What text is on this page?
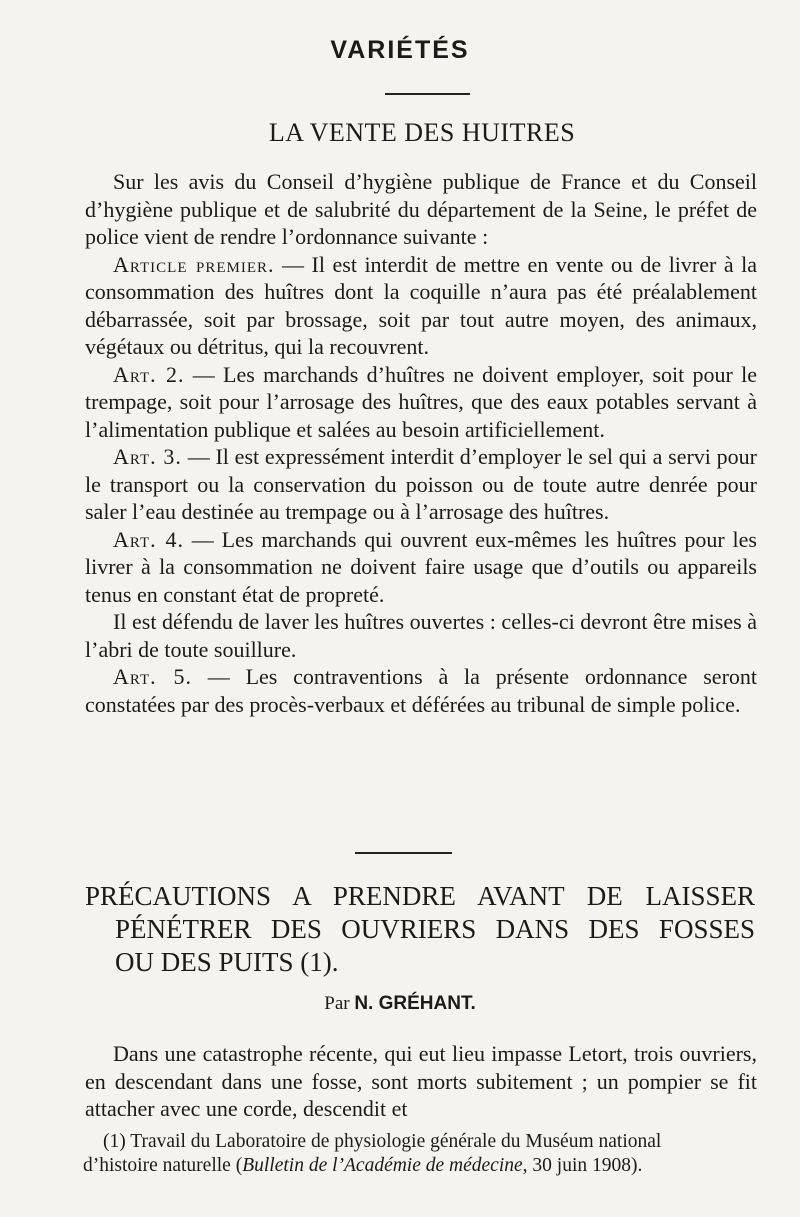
VARIÉTÉS
LA VENTE DES HUITRES

Sur les avis du Conseil d’hygiène publique de France et du Conseil d’hygiène publique et de salubrité du département de la Seine, le préfet de police vient de rendre l’ordonnance suivante :

Article premier. — Il est interdit de mettre en vente ou de livrer à la consommation des huîtres dont la coquille n’aura pas été préalablement débarrassée, soit par brossage, soit par tout autre moyen, des animaux, végétaux ou détritus, qui la recouvrent.

Art. 2. — Les marchands d’huîtres ne doivent employer, soit pour le trempage, soit pour l’arrosage des huîtres, que des eaux potables servant à l’alimentation publique et salées au besoin artificiellement.

Art. 3. — Il est expressément interdit d’employer le sel qui a servi pour le transport ou la conservation du poisson ou de toute autre denrée pour saler l’eau destinée au trempage ou à l’arrosage des huîtres.

Art. 4. — Les marchands qui ouvrent eux-mêmes les huîtres pour les livrer à la consommation ne doivent faire usage que d’outils ou appareils tenus en constant état de propreté.

Il est défendu de laver les huîtres ouvertes : celles-ci devront être mises à l’abri de toute souillure.

Art. 5. — Les contraventions à la présente ordonnance seront constatées par des procès-verbaux et déférées au tribunal de simple police.

PRÉCAUTIONS A PRENDRE AVANT DE LAISSER
PÉNÉTRER DES OUVRIERS DANS DES FOSSES
OU DES PUITS (1).
Par N. GRÉHANT.

Dans une catastrophe récente, qui eut lieu impasse Letort, trois ouvriers, en descendant dans une fosse, sont morts subitement ; un pompier se fit attacher avec une corde, descendit et

(1) Travail du Laboratoire de physiologie générale du Muséum national

d’histoire naturelle (Bulletin de l’Académie de médecine, 30 juin 1908).
